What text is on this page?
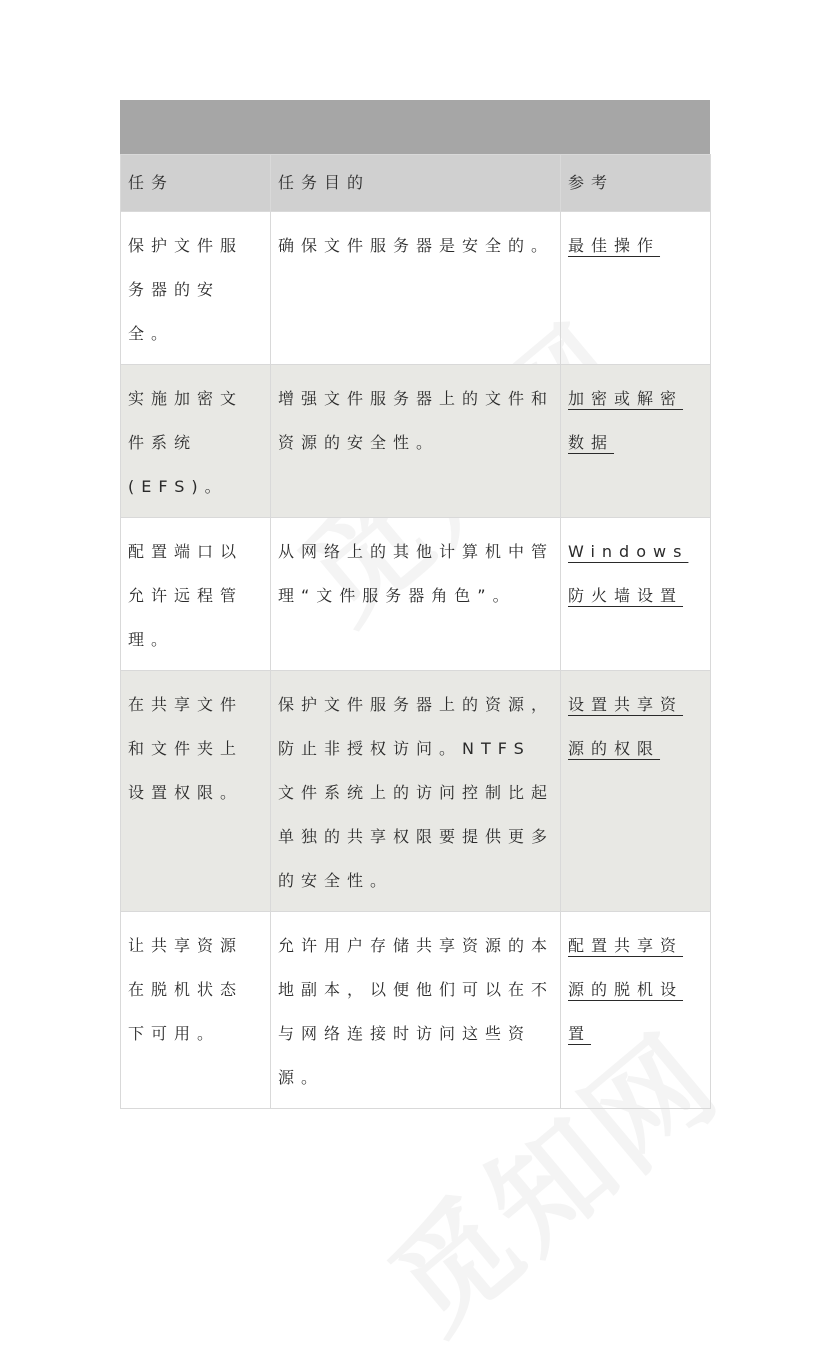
任务	任务目的	参考
保护文件服务器的安全。	确保文件服务器是安全的。	最佳操作
实施加密文件系统(EFS)。	增强文件服务器上的文件和资源的安全性。	加密或解密数据
配置端口以允许远程管理。	从网络上的其他计算机中管理“文件服务器角色”。	Windows 防火墙设置
在共享文件和文件夹上设置权限。	保护文件服务器上的资源，防止非授权访问。NTFS 文件系统上的访问控制比起单独的共享权限要提供更多的安全性。	设置共享资源的权限
让共享资源在脱机状态下可用。	允许用户存储共享资源的本地副本，以便他们可以在不与网络连接时访问这些资源。	配置共享资源的脱机设置
